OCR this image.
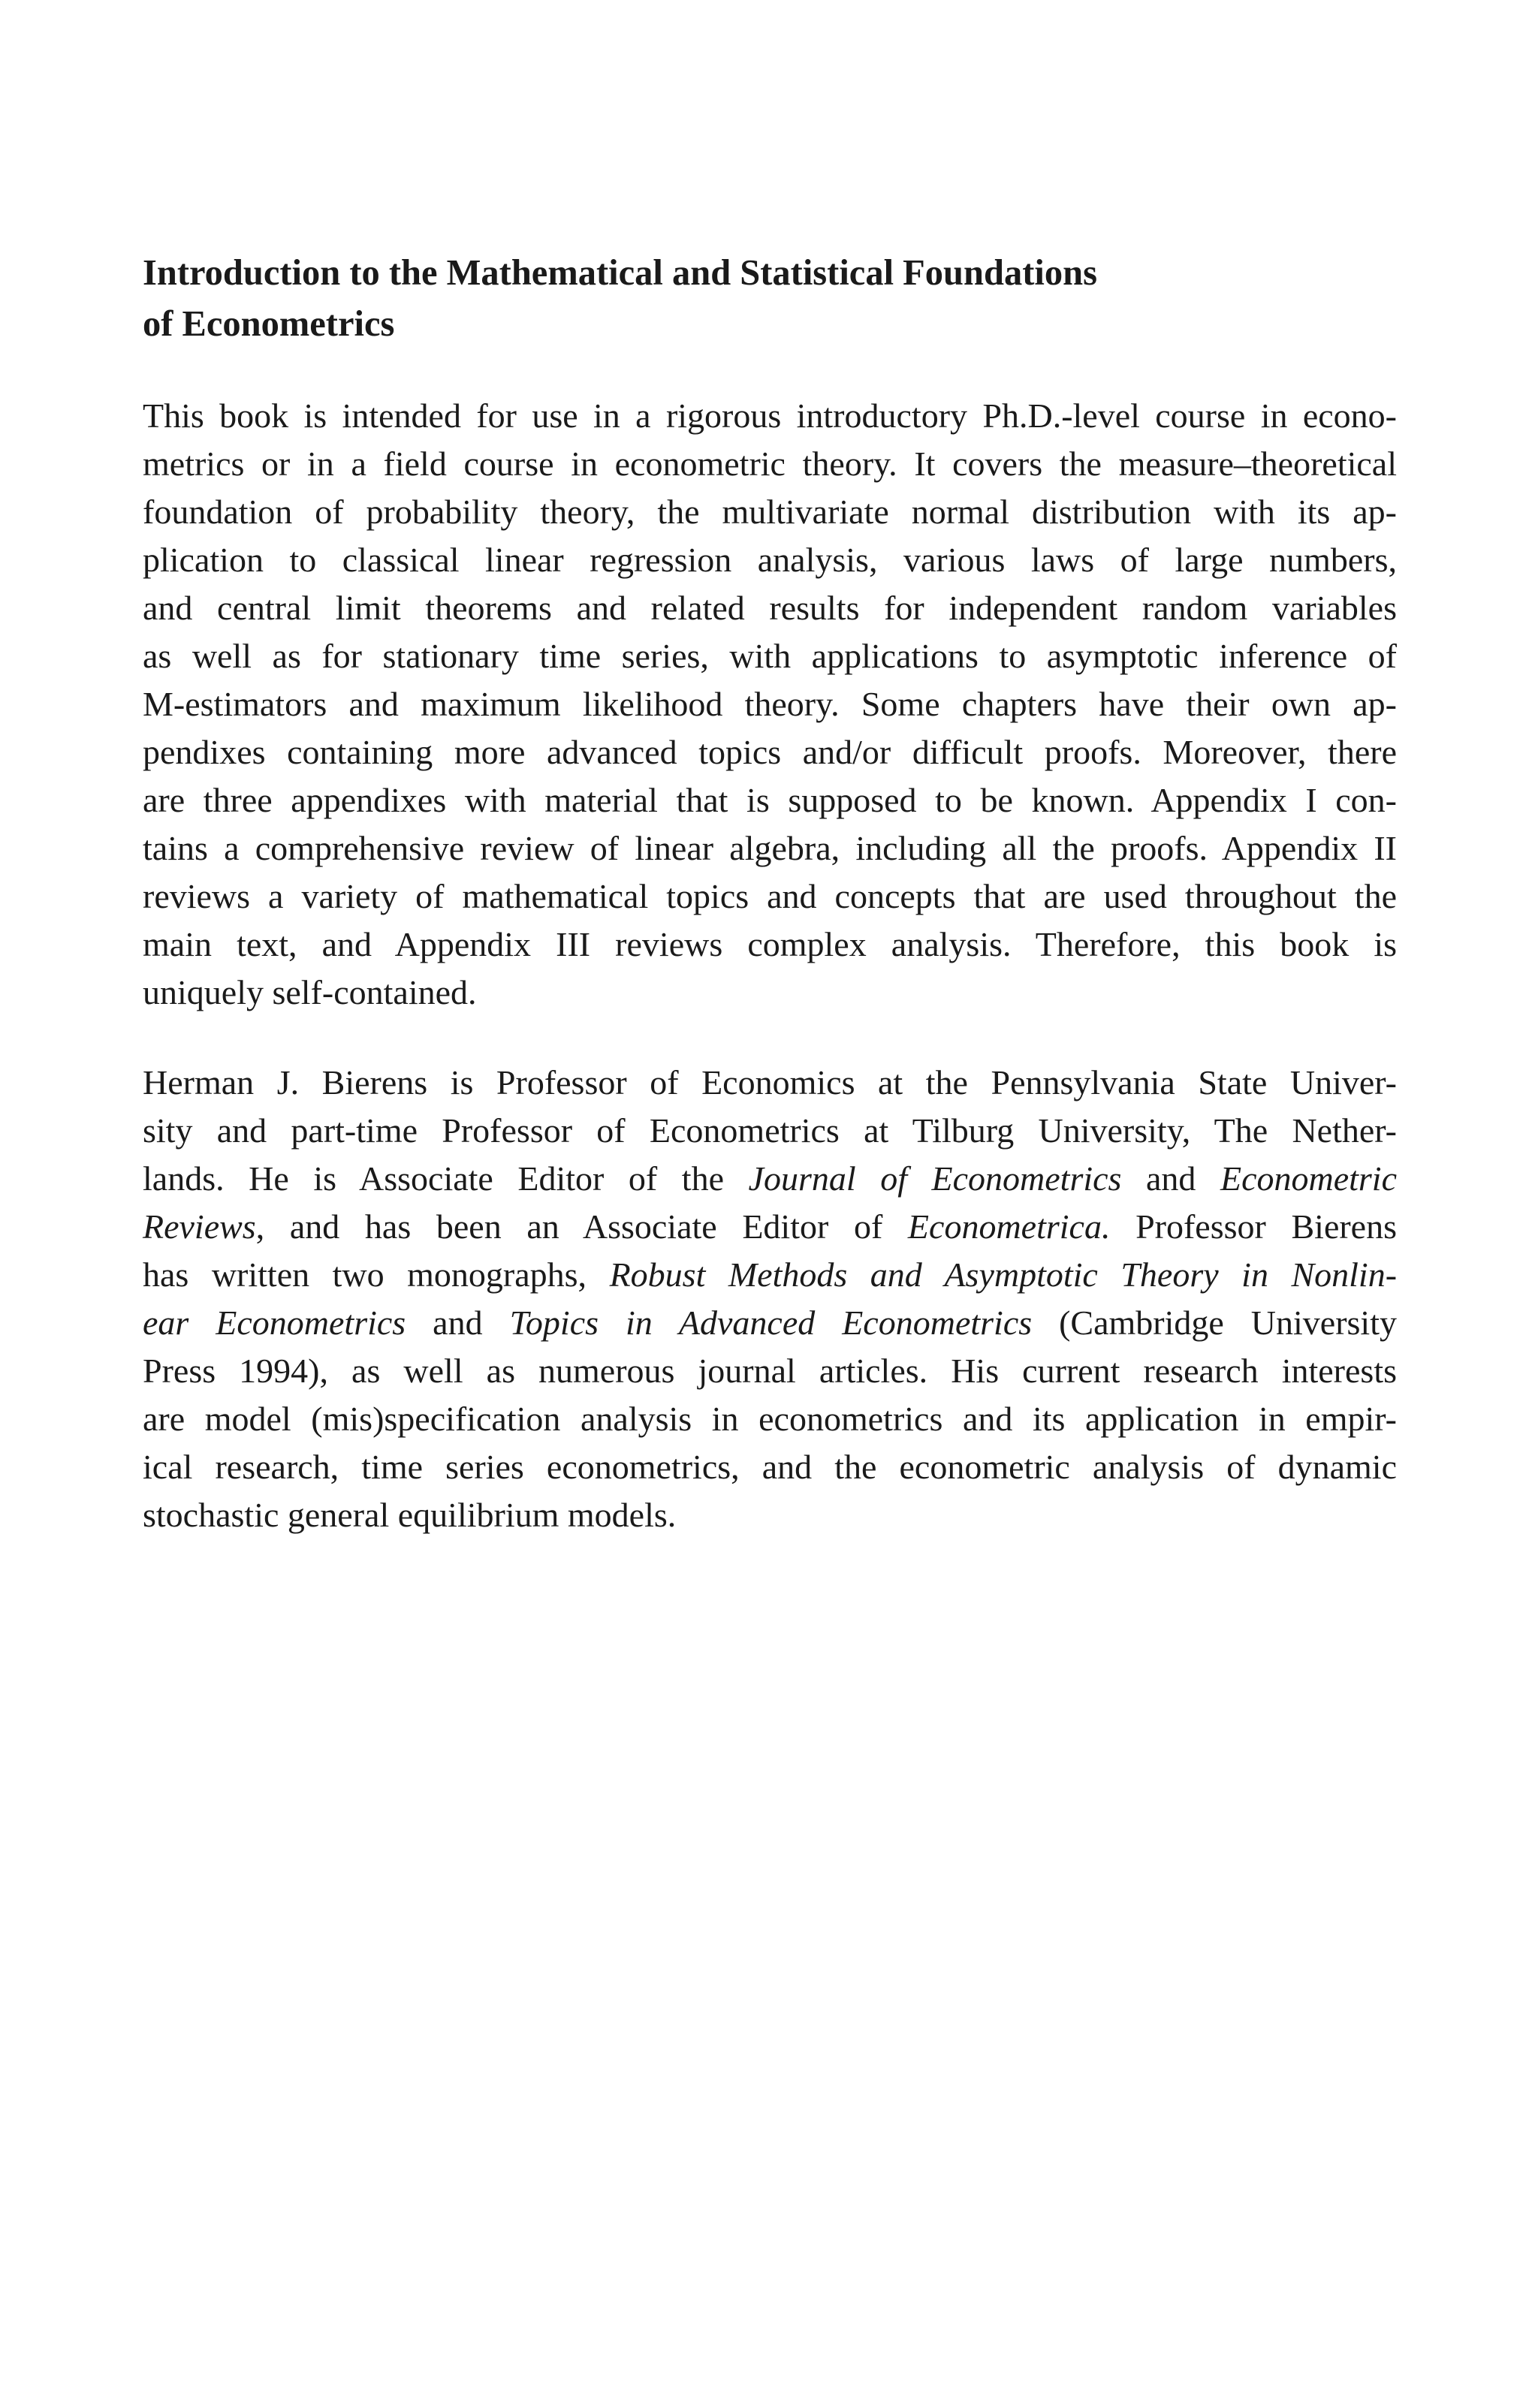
Introduction to the Mathematical and Statistical Foundations
of Econometrics

This book is intended for use in a rigorous introductory Ph.D.-level course in econo-
metrics or in a field course in econometric theory. It covers the measure–theoretical
foundation of probability theory, the multivariate normal distribution with its ap-
plication to classical linear regression analysis, various laws of large numbers,
and central limit theorems and related results for independent random variables
as well as for stationary time series, with applications to asymptotic inference of
M-estimators and maximum likelihood theory. Some chapters have their own ap-
pendixes containing more advanced topics and/or difficult proofs. Moreover, there
are three appendixes with material that is supposed to be known. Appendix I con-
tains a comprehensive review of linear algebra, including all the proofs. Appendix II
reviews a variety of mathematical topics and concepts that are used throughout the
main text, and Appendix III reviews complex analysis. Therefore, this book is
uniquely self-contained.

Herman J. Bierens is Professor of Economics at the Pennsylvania State Univer-
sity and part-time Professor of Econometrics at Tilburg University, The Nether-
lands. He is Associate Editor of the Journal of Econometrics and Econometric
Reviews, and has been an Associate Editor of Econometrica. Professor Bierens
has written two monographs, Robust Methods and Asymptotic Theory in Nonlin-
ear Econometrics and Topics in Advanced Econometrics (Cambridge University
Press 1994), as well as numerous journal articles. His current research interests
are model (mis)specification analysis in econometrics and its application in empir-
ical research, time series econometrics, and the econometric analysis of dynamic
stochastic general equilibrium models.
